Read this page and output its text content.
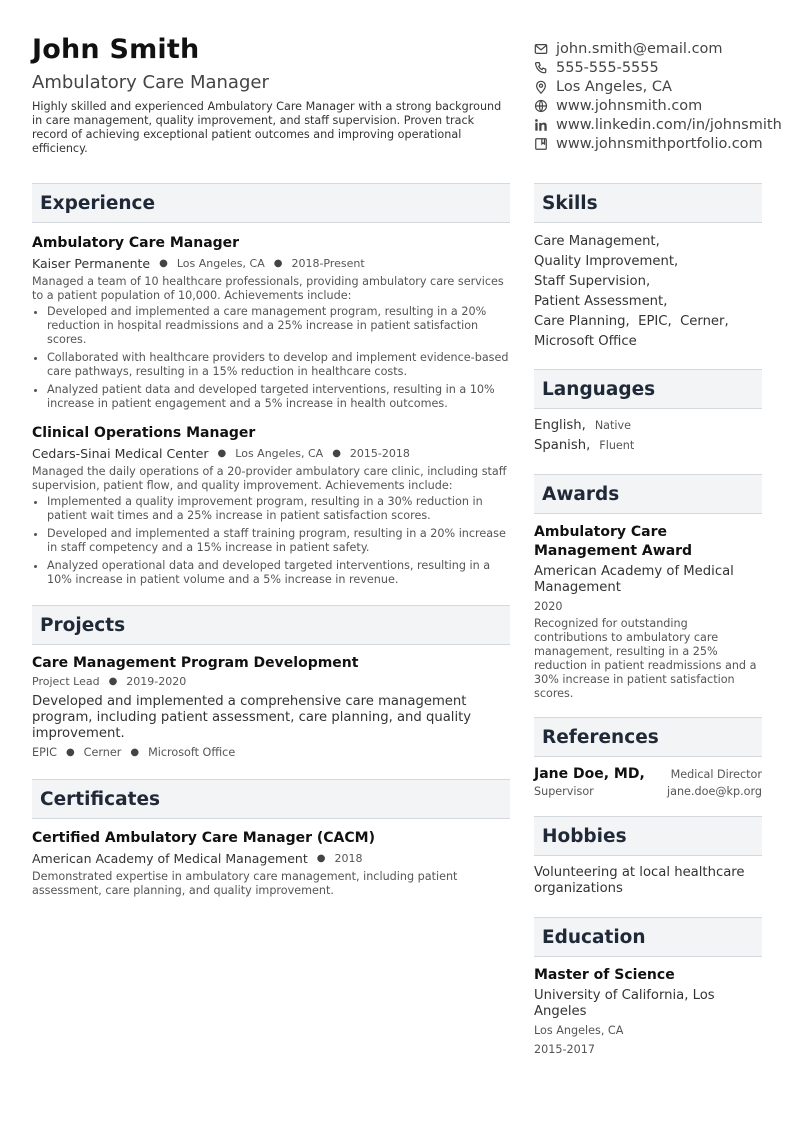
John Smith
Ambulatory Care Manager
Highly skilled and experienced Ambulatory Care Manager with a strong background in care management, quality improvement, and staff supervision. Proven track record of achieving exceptional patient outcomes and improving operational efficiency.
john.smith@email.com
555-555-5555
Los Angeles, CA
www.johnsmith.com
www.linkedin.com/in/johnsmith
www.johnsmithportfolio.com
Experience
Ambulatory Care Manager
Kaiser Permanente ● Los Angeles, CA ● 2018-Present
Managed a team of 10 healthcare professionals, providing ambulatory care services to a patient population of 10,000. Achievements include:
• Developed and implemented a care management program, resulting in a 20% reduction in hospital readmissions and a 25% increase in patient satisfaction scores.
• Collaborated with healthcare providers to develop and implement evidence-based care pathways, resulting in a 15% reduction in healthcare costs.
• Analyzed patient data and developed targeted interventions, resulting in a 10% increase in patient engagement and a 5% increase in health outcomes.
Clinical Operations Manager
Cedars-Sinai Medical Center ● Los Angeles, CA ● 2015-2018
Managed the daily operations of a 20-provider ambulatory care clinic, including staff supervision, patient flow, and quality improvement. Achievements include:
• Implemented a quality improvement program, resulting in a 30% reduction in patient wait times and a 25% increase in patient satisfaction scores.
• Developed and implemented a staff training program, resulting in a 20% increase in staff competency and a 15% increase in patient safety.
• Analyzed operational data and developed targeted interventions, resulting in a 10% increase in patient volume and a 5% increase in revenue.
Projects
Care Management Program Development
Project Lead ● 2019-2020
Developed and implemented a comprehensive care management program, including patient assessment, care planning, and quality improvement.
EPIC ● Cerner ● Microsoft Office
Certificates
Certified Ambulatory Care Manager (CACM)
American Academy of Medical Management ● 2018
Demonstrated expertise in ambulatory care management, including patient assessment, care planning, and quality improvement.
Skills
Care Management,
Quality Improvement,
Staff Supervision,
Patient Assessment,
Care Planning,  EPIC,  Cerner,
Microsoft Office
Languages
English, Native
Spanish, Fluent
Awards
Ambulatory Care Management Award
American Academy of Medical Management
2020
Recognized for outstanding contributions to ambulatory care management, resulting in a 25% reduction in patient readmissions and a 30% increase in patient satisfaction scores.
References
Jane Doe, MD, Medical Director
Supervisor	jane.doe@kp.org
Hobbies
Volunteering at local healthcare organizations
Education
Master of Science
University of California, Los Angeles
Los Angeles, CA
2015-2017
